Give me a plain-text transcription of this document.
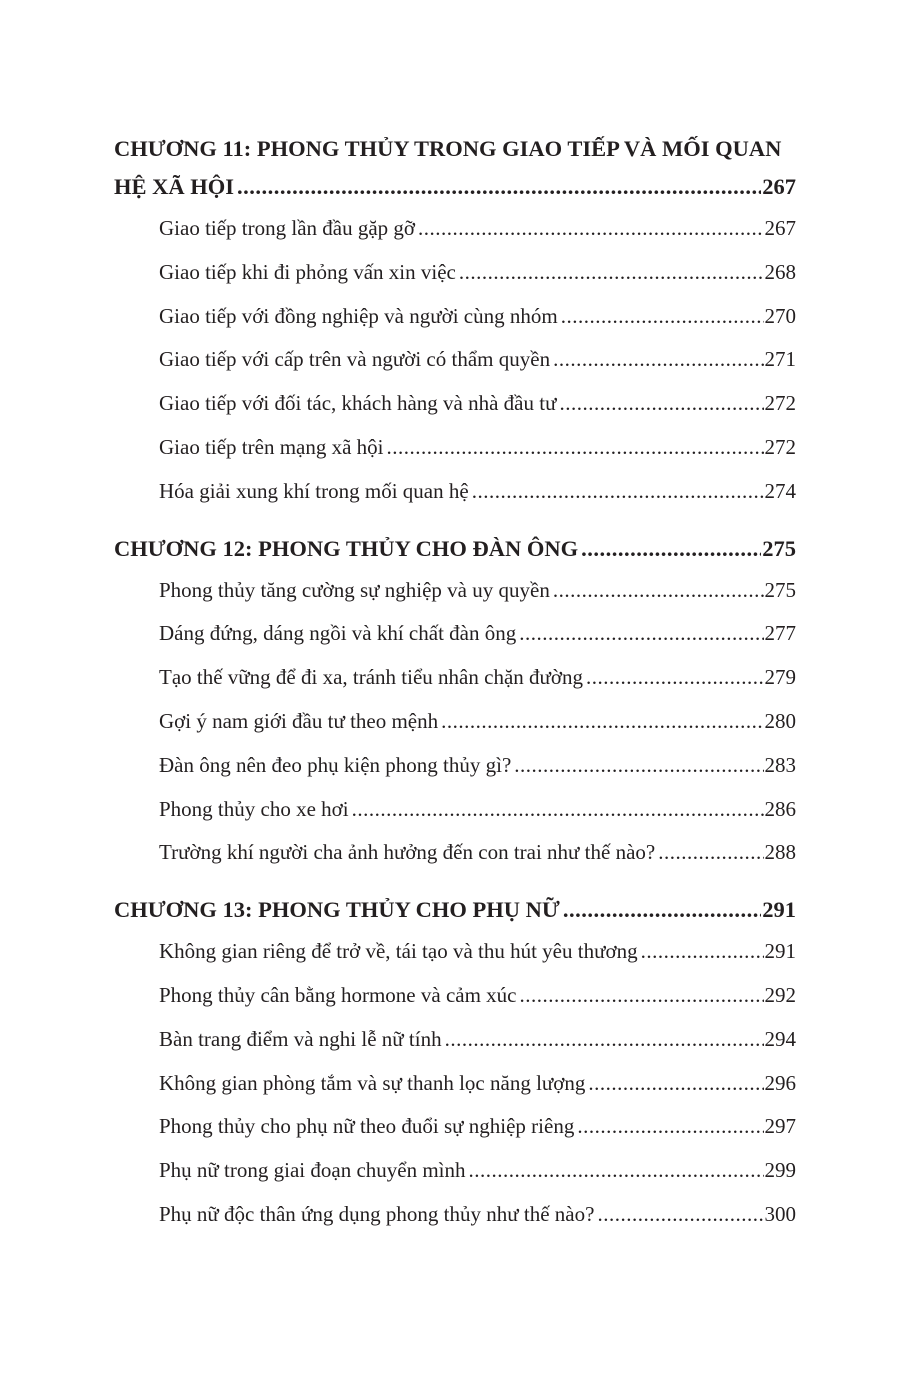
CHƯƠNG 11: PHONG THỦY TRONG GIAO TIẾP VÀ MỐI QUAN
HỆ XÃ HỘI .....	267
Giao tiếp trong lần đầu gặp gỡ .....	267
Giao tiếp khi đi phỏng vấn xin việc .....	268
Giao tiếp với đồng nghiệp và người cùng nhóm .....	270
Giao tiếp với cấp trên và người có thẩm quyền .....	271
Giao tiếp với đối tác, khách hàng và nhà đầu tư .....	272
Giao tiếp trên mạng xã hội .....	272
Hóa giải xung khí trong mối quan hệ .....	274
CHƯƠNG 12: PHONG THỦY CHO ĐÀN ÔNG .....	275
Phong thủy tăng cường sự nghiệp và uy quyền .....	275
Dáng đứng, dáng ngồi và khí chất đàn ông .....	277
Tạo thế vững để đi xa, tránh tiểu nhân chặn đường .....	279
Gợi ý nam giới đầu tư theo mệnh .....	280
Đàn ông nên đeo phụ kiện phong thủy gì? .....	283
Phong thủy cho xe hơi .....	286
Trường khí người cha ảnh hưởng đến con trai như thế nào? .....	288
CHƯƠNG 13: PHONG THỦY CHO PHỤ NỮ .....	291
Không gian riêng để trở về, tái tạo và thu hút yêu thương .....	291
Phong thủy cân bằng hormone và cảm xúc .....	292
Bàn trang điểm và nghi lễ nữ tính .....	294
Không gian phòng tắm và sự thanh lọc năng lượng .....	296
Phong thủy cho phụ nữ theo đuổi sự nghiệp riêng .....	297
Phụ nữ trong giai đoạn chuyển mình .....	299
Phụ nữ độc thân ứng dụng phong thủy như thế nào? .....	300
